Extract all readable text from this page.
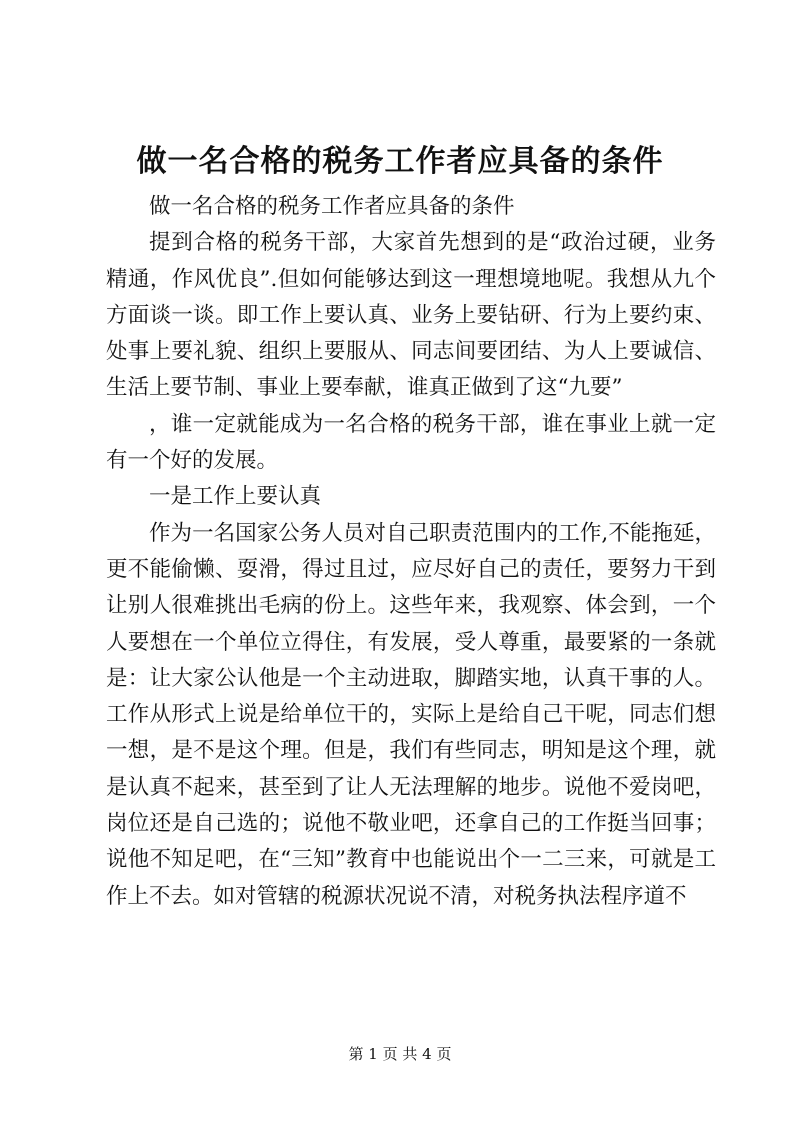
做一名合格的税务工作者应具备的条件

做一名合格的税务工作者应具备的条件

提到合格的税务干部，大家首先想到的是“政治过硬，业务精通，作风优良”.但如何能够达到这一理想境地呢。我想从九个方面谈一谈。即工作上要认真、业务上要钻研、行为上要约束、处事上要礼貌、组织上要服从、同志间要团结、为人上要诚信、生活上要节制、事业上要奉献，谁真正做到了这“九要”

，谁一定就能成为一名合格的税务干部，谁在事业上就一定有一个好的发展。

一是工作上要认真

作为一名国家公务人员对自己职责范围内的工作,不能拖延，更不能偷懒、耍滑，得过且过，应尽好自己的责任，要努力干到让别人很难挑出毛病的份上。这些年来，我观察、体会到，一个人要想在一个单位立得住，有发展，受人尊重，最要紧的一条就是：让大家公认他是一个主动进取，脚踏实地，认真干事的人。工作从形式上说是给单位干的，实际上是给自己干呢，同志们想一想，是不是这个理。但是，我们有些同志，明知是这个理，就是认真不起来，甚至到了让人无法理解的地步。说他不爱岗吧，岗位还是自己选的；说他不敬业吧，还拿自己的工作挺当回事；说他不知足吧，在“三知”教育中也能说出个一二三来，可就是工作上不去。如对管辖的税源状况说不清，对税务执法程序道不

第 1 页 共 4 页
